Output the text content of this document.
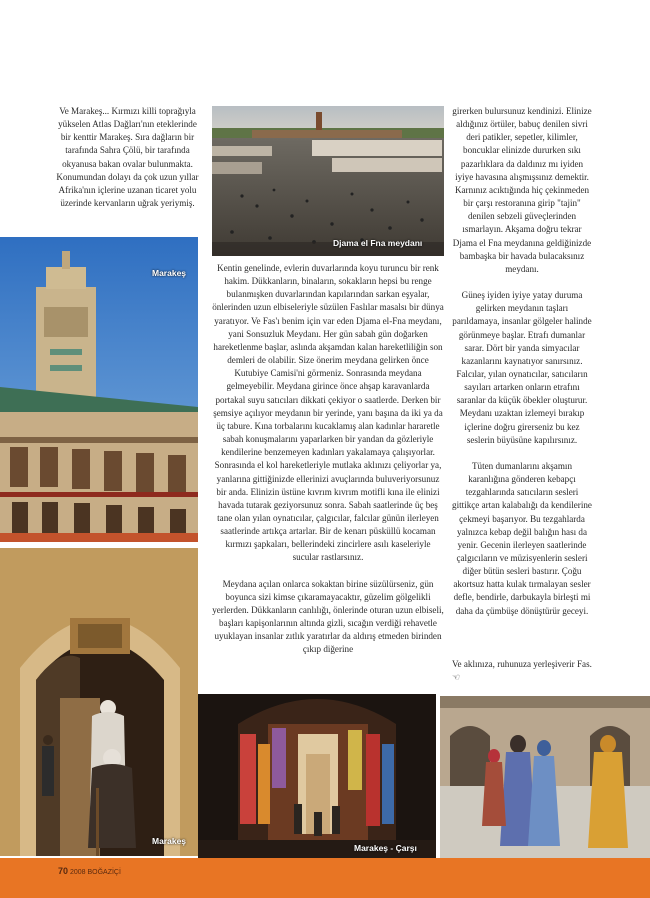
Ve Marakeş... Kırmızı killi toprağıyla yükselen Atlas Dağları'nın eteklerinde bir kenttir Marakeş. Sıra dağların bir tarafında Sahra Çölü, bir tarafında okyanusa bakan ovalar bulunmakta. Konumundan dolayı da çok uzun yıllar Afrika'nın içlerine uzanan ticaret yolu üzerinde kervanların uğrak yeriymiş.

Djama el Fna meydanı

Kentin genelinde, evlerin duvarlarında koyu turuncu bir renk hakim. Dükkanların, binaların, sokakların hepsi bu renge bulanmışken duvarlarından kapılarından sarkan eşyalar, önlerinden uzun elbiseleriyle süzülen Faslılar masalsı bir dünya yaratıyor. Ve Fas'ı benim için var eden Djama el-Fna meydanı, yani Sonsuzluk Meydanı. Her gün sabah gün doğarken hareketlenme başlar, aslında akşamdan kalan hareketliliğin son demleri de olabilir. Size önerim meydana gelirken önce Kutubiye Camisi'ni görmeniz. Sonrasında meydana gelmeyebilir. Meydana girince önce ahşap karavanlarda portakal suyu satıcıları dikkati çekiyor o saatlerde. Derken bir şemsiye açılıyor meydanın bir yerinde, yanı başına da iki ya da üç tabure. Kına torbalarını kucaklamış alan kadınlar hararetle sabah konuşmalarını yaparlarken bir yandan da gözleriyle kendilerine benzemeyen kadınları yakalamaya çalışıyorlar. Sonrasında el kol hareketleriyle mutlaka aklınızı çeliyorlar ya, yanlarına gittiğinizde ellerinizi avuçlarında buluveriyorsunuz bir anda. Elinizin üstüne kıvrım kıvrım motifli kına ile elinizi havada tutarak geziyorsunuz sonra. Sabah saatlerinde üç beş tane olan yılan oynatıcılar, çalgıcılar, falcılar günün ilerleyen saatlerinde artıkça artarlar. Bir de kenarı püsküllü kocaman kırmızı şapkaları, bellerindeki zincirlere asılı kaseleriyle sucular rastlarsınız.

Meydana açılan onlarca sokaktan birine süzülürseniz, gün boyunca sizi kimse çıkaramayacaktır, güzelim gölgelikli yerlerden. Dükkanların canlılığı, önlerinde oturan uzun elbiseli, başları kapişonlarının altında gizli, sıcağın verdiği rehavetle uyuklayan insanlar zıtlık yaratırlar da aldırış etmeden birinden çıkıp diğerine

girerken bulursunuz kendinizi. Elinize aldığınız örtüler, babuç denilen sivri deri patikler, sepetler, kilimler, boncuklar elinizde dururken sıkı pazarlıklara da daldınız mı iyiden iyiye havasına alışmışsınız demektir. Karnınız acıktığında hiç çekinmeden bir çarşı restoranına girip "tajin" denilen sebzeli güveçlerinden ısmarlayın. Akşama doğru tekrar Djama el Fna meydanına geldiğinizde bambaşka bir havada bulacaksınız meydanı.

Güneş iyiden iyiye yatay duruma gelirken meydanın taşları parıldamaya, insanlar gölgeler halinde görünmeye başlar. Etrafı dumanlar sarar. Dört bir yanda simyacılar kazanlarını kaynatıyor sanırsınız. Falcılar, yılan oynatıcılar, satıcıların sayıları artarken onların etrafını saranlar da küçük öbekler oluşturur. Meydanı uzaktan izlemeyi bırakıp içlerine doğru girerseniz bu kez seslerin büyüsüne kapılırsınız.

Tüten dumanlarını akşamın karanlığına gönderen kebapçı tezgahlarında satıcıların sesleri gittikçe artan kalabalığı da kendilerine çekmeyi başarıyor. Bu tezgahlarda yalnızca kebap değil balığın hası da yenir. Gecenin ilerleyen saatlerinde çalgıcıların ve müzisyenlerin sesleri diğer bütün sesleri bastırır. Çoğu akortsuz hatta kulak tırmalayan sesler defle, bendirle, darbukayla birleşti mi daha da çümbüşe dönüştürür geceyi.

Ve aklınıza, ruhunuza yerleşiverir Fas. ☜
Marakeş
Marakeş
Marakeş - Çarşı
70 2008 BOĞAZİÇİ
